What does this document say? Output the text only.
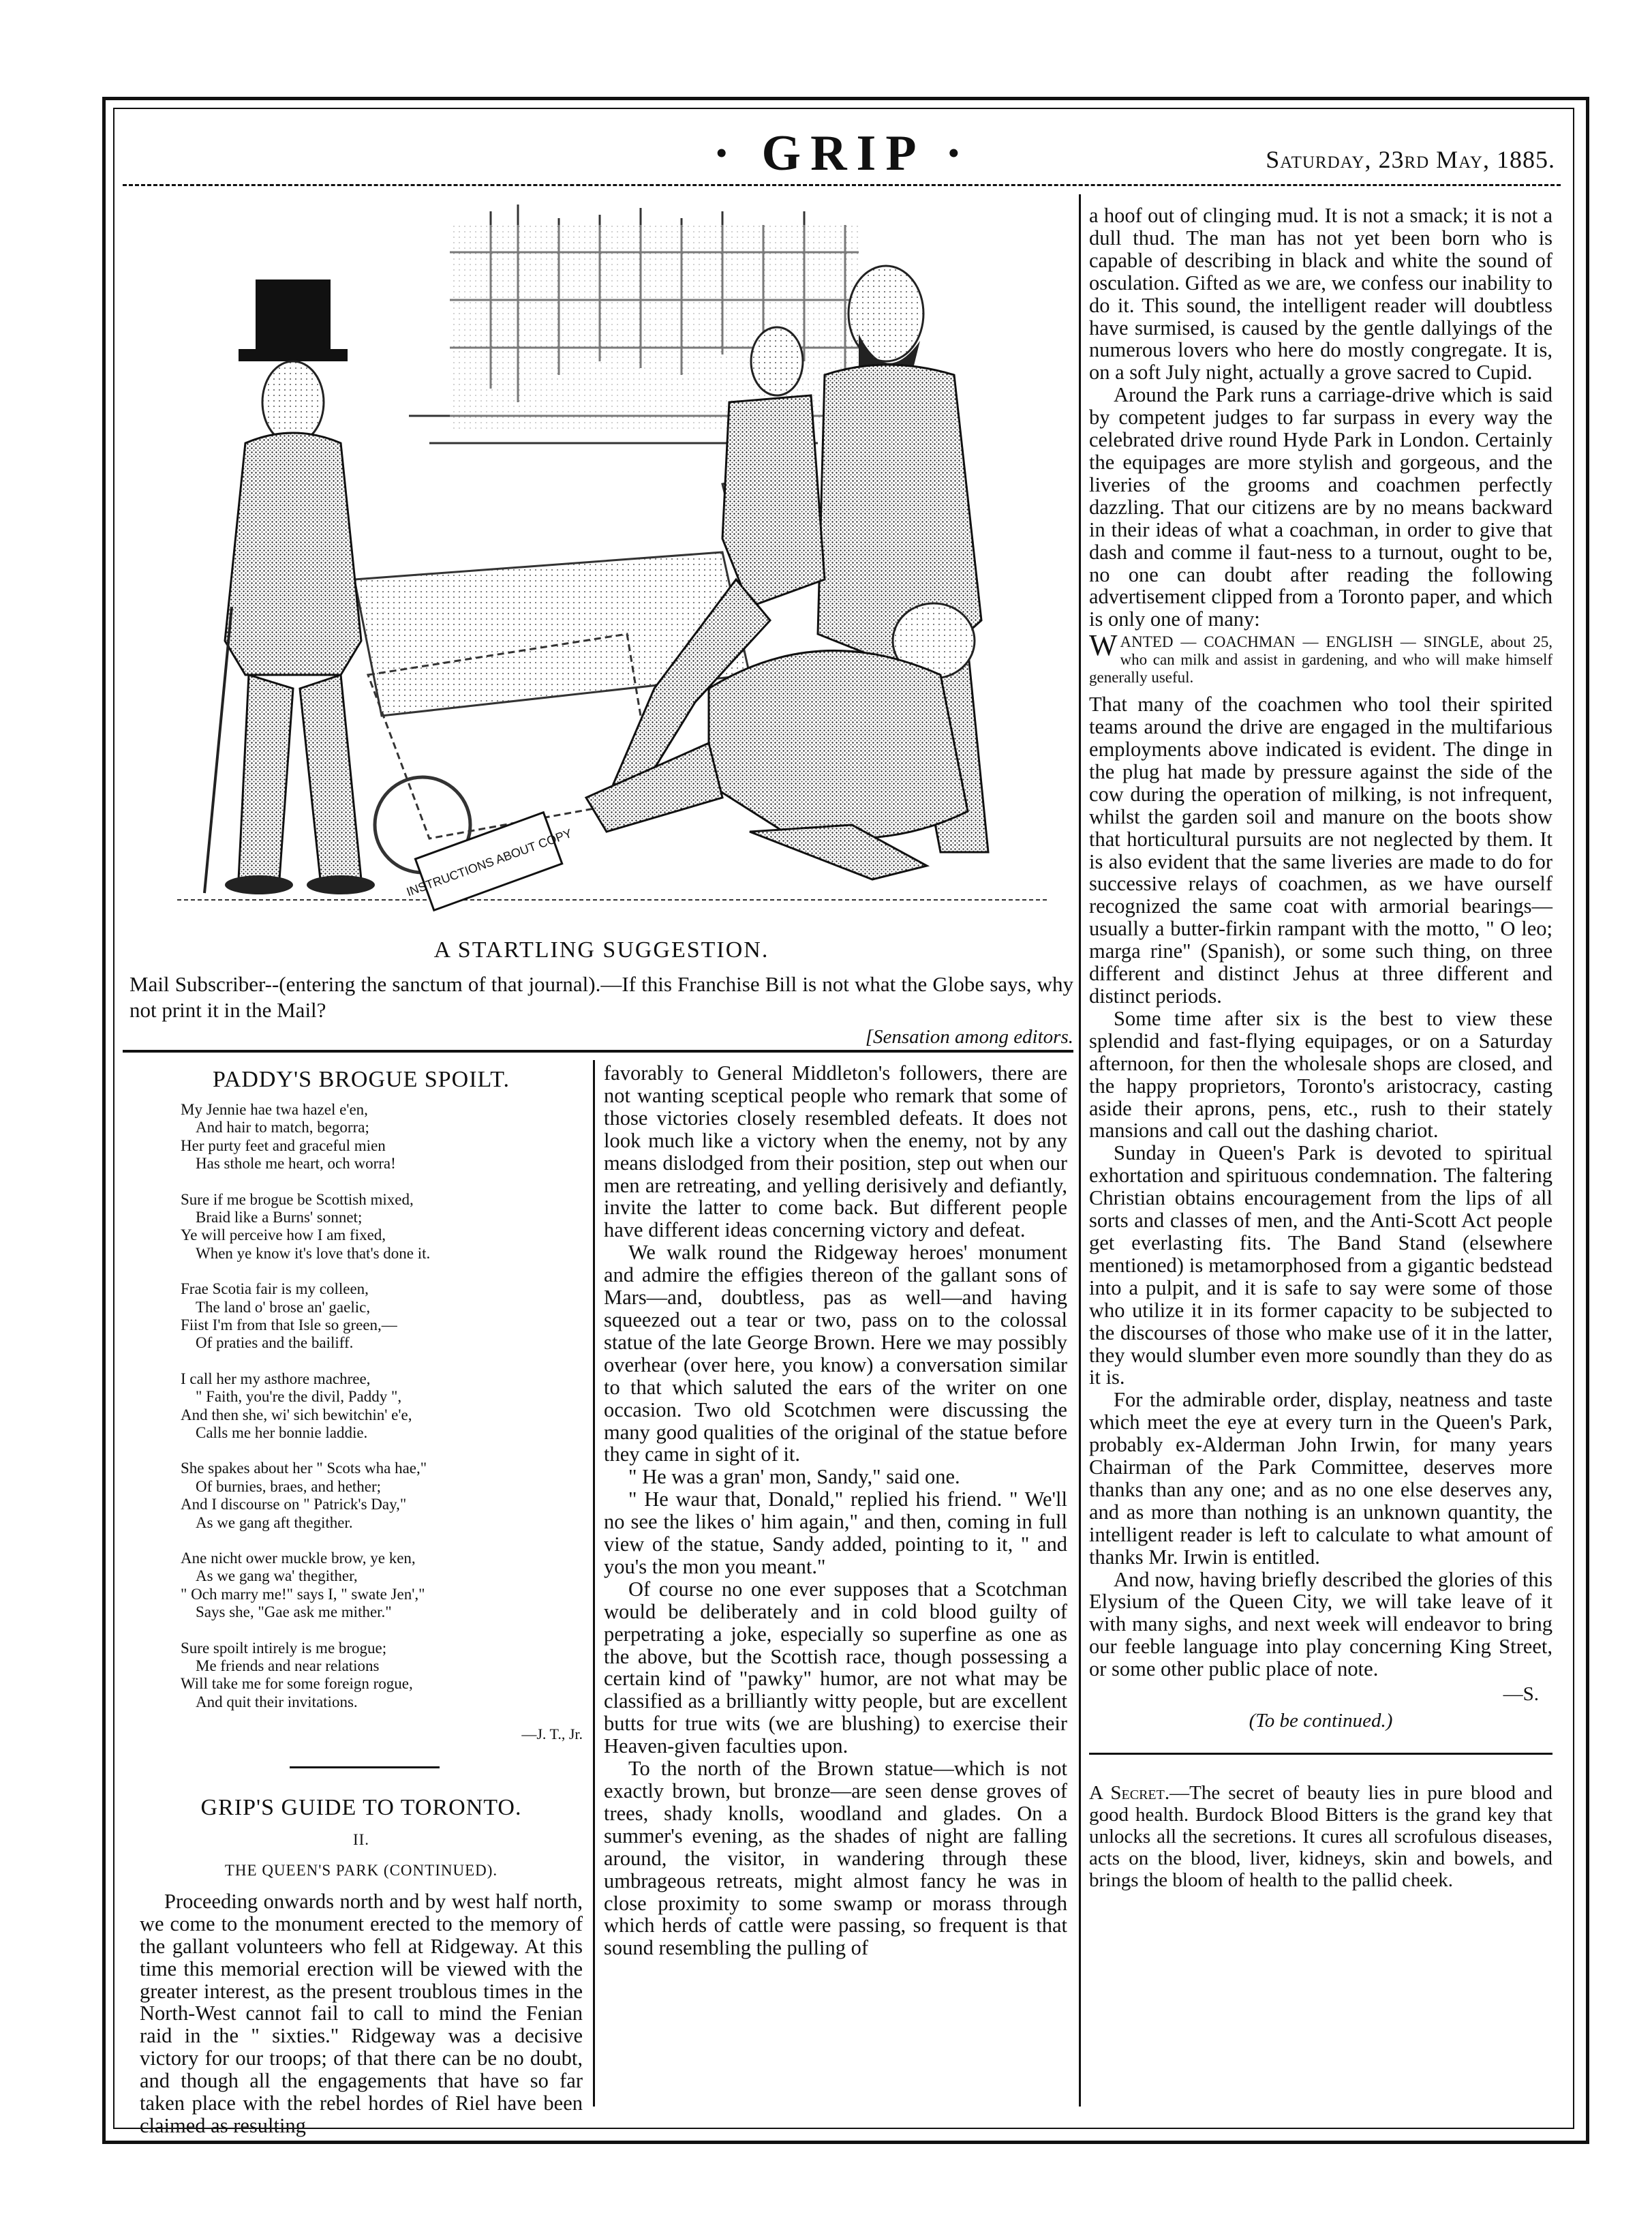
· GRIP ·	Saturday, 23rd May, 1885.
INSTRUCTIONS ABOUT COPY
A STARTLING SUGGESTION.
Mail Subscriber--(entering the sanctum of that journal).—If this Franchise Bill is not what the Globe says, why not print it in the Mail?
[Sensation among editors.
PADDY'S BROGUE SPOILT.
My Jennie hae twa hazel e'en,
And hair to match, begorra;
Her purty feet and graceful mien
Has sthole me heart, och worra!
Sure if me brogue be Scottish mixed,
Braid like a Burns' sonnet;
Ye will perceive how I am fixed,
When ye know it's love that's done it.
Frae Scotia fair is my colleen,
The land o' brose an' gaelic,
Fiist I'm from that Isle so green,—
Of praties and the bailiff.
I call her my asthore machree,
" Faith, you're the divil, Paddy ",
And then she, wi' sich bewitchin' e'e,
Calls me her bonnie laddie.
She spakes about her " Scots wha hae,"
Of burnies, braes, and hether;
And I discourse on " Patrick's Day,"
As we gang aft thegither.
Ane nicht ower muckle brow, ye ken,
As we gang wa' thegither,
" Och marry me!" says I, " swate Jen',"
Says she, "Gae ask me mither."
Sure spoilt intirely is me brogue;
Me friends and near relations
Will take me for some foreign rogue,
And quit their invitations.
—J. T., Jr.
GRIP'S GUIDE TO TORONTO.
II.
THE QUEEN'S PARK (CONTINUED).

Proceeding onwards north and by west half north, we come to the monument erected to the memory of the gallant volunteers who fell at Ridgeway. At this time this memorial erection will be viewed with the greater interest, as the present troublous times in the North-West cannot fail to call to mind the Fenian raid in the " sixties." Ridgeway was a decisive victory for our troops; of that there can be no doubt, and though all the engagements that have so far taken place with the rebel hordes of Riel have been claimed as resulting

favorably to General Middleton's followers, there are not wanting sceptical people who remark that some of those victories closely resembled defeats. It does not look much like a victory when the enemy, not by any means dislodged from their position, step out when our men are retreating, and yelling derisively and defiantly, invite the latter to come back. But different people have different ideas concerning victory and defeat.

We walk round the Ridgeway heroes' monument and admire the effigies thereon of the gallant sons of Mars—and, doubtless, pas as well—and having squeezed out a tear or two, pass on to the colossal statue of the late George Brown. Here we may possibly overhear (over here, you know) a conversation similar to that which saluted the ears of the writer on one occasion. Two old Scotchmen were discussing the many good qualities of the original of the statue before they came in sight of it.

" He was a gran' mon, Sandy," said one.

" He waur that, Donald," replied his friend. " We'll no see the likes o' him again," and then, coming in full view of the statue, Sandy added, pointing to it, " and you's the mon you meant."

Of course no one ever supposes that a Scotchman would be deliberately and in cold blood guilty of perpetrating a joke, especially so superfine as one as the above, but the Scottish race, though possessing a certain kind of "pawky" humor, are not what may be classified as a brilliantly witty people, but are excellent butts for true wits (we are blushing) to exercise their Heaven-given faculties upon.

To the north of the Brown statue—which is not exactly brown, but bronze—are seen dense groves of trees, shady knolls, woodland and glades. On a summer's evening, as the shades of night are falling around, the visitor, in wandering through these umbrageous retreats, might almost fancy he was in close proximity to some swamp or morass through which herds of cattle were passing, so frequent is that sound resembling the pulling of

a hoof out of clinging mud. It is not a smack; it is not a dull thud. The man has not yet been born who is capable of describing in black and white the sound of osculation. Gifted as we are, we confess our inability to do it. This sound, the intelligent reader will doubtless have surmised, is caused by the gentle dallyings of the numerous lovers who here do mostly congregate. It is, on a soft July night, actually a grove sacred to Cupid.

Around the Park runs a carriage-drive which is said by competent judges to far surpass in every way the celebrated drive round Hyde Park in London. Certainly the equipages are more stylish and gorgeous, and the liveries of the grooms and coachmen perfectly dazzling. That our citizens are by no means backward in their ideas of what a coachman, in order to give that dash and comme il faut-ness to a turnout, ought to be, no one can doubt after reading the following advertisement clipped from a Toronto paper, and which is only one of many:

W ANTED — COACHMAN — ENGLISH — SINGLE, about 25, who can milk and assist in gardening, and who will make himself generally useful.

That many of the coachmen who tool their spirited teams around the drive are engaged in the multifarious employments above indicated is evident. The dinge in the plug hat made by pressure against the side of the cow during the operation of milking, is not infrequent, whilst the garden soil and manure on the boots show that horticultural pursuits are not neglected by them. It is also evident that the same liveries are made to do for successive relays of coachmen, as we have ourself recognized the same coat with armorial bearings—usually a butter-firkin rampant with the motto, " O leo; marga rine" (Spanish), or some such thing, on three different and distinct Jehus at three different and distinct periods.

Some time after six is the best to view these splendid and fast-flying equipages, or on a Saturday afternoon, for then the wholesale shops are closed, and the happy proprietors, Toronto's aristocracy, casting aside their aprons, pens, etc., rush to their stately mansions and call out the dashing chariot.

Sunday in Queen's Park is devoted to spiritual exhortation and spirituous condemnation. The faltering Christian obtains encouragement from the lips of all sorts and classes of men, and the Anti-Scott Act people get everlasting fits. The Band Stand (elsewhere mentioned) is metamorphosed from a gigantic bedstead into a pulpit, and it is safe to say were some of those who utilize it in its former capacity to be subjected to the discourses of those who make use of it in the latter, they would slumber even more soundly than they do as it is.

For the admirable order, display, neatness and taste which meet the eye at every turn in the Queen's Park, probably ex-Alderman John Irwin, for many years Chairman of the Park Committee, deserves more thanks than any one; and as no one else deserves any, and as more than nothing is an unknown quantity, the intelligent reader is left to calculate to what amount of thanks Mr. Irwin is entitled.

And now, having briefly described the glories of this Elysium of the Queen City, we will take leave of it with many sighs, and next week will endeavor to bring our feeble language into play concerning King Street, or some other public place of note.

—S.
(To be continued.)
A Secret.—The secret of beauty lies in pure blood and good health. Burdock Blood Bitters is the grand key that unlocks all the secretions. It cures all scrofulous diseases, acts on the blood, liver, kidneys, skin and bowels, and brings the bloom of health to the pallid cheek.
